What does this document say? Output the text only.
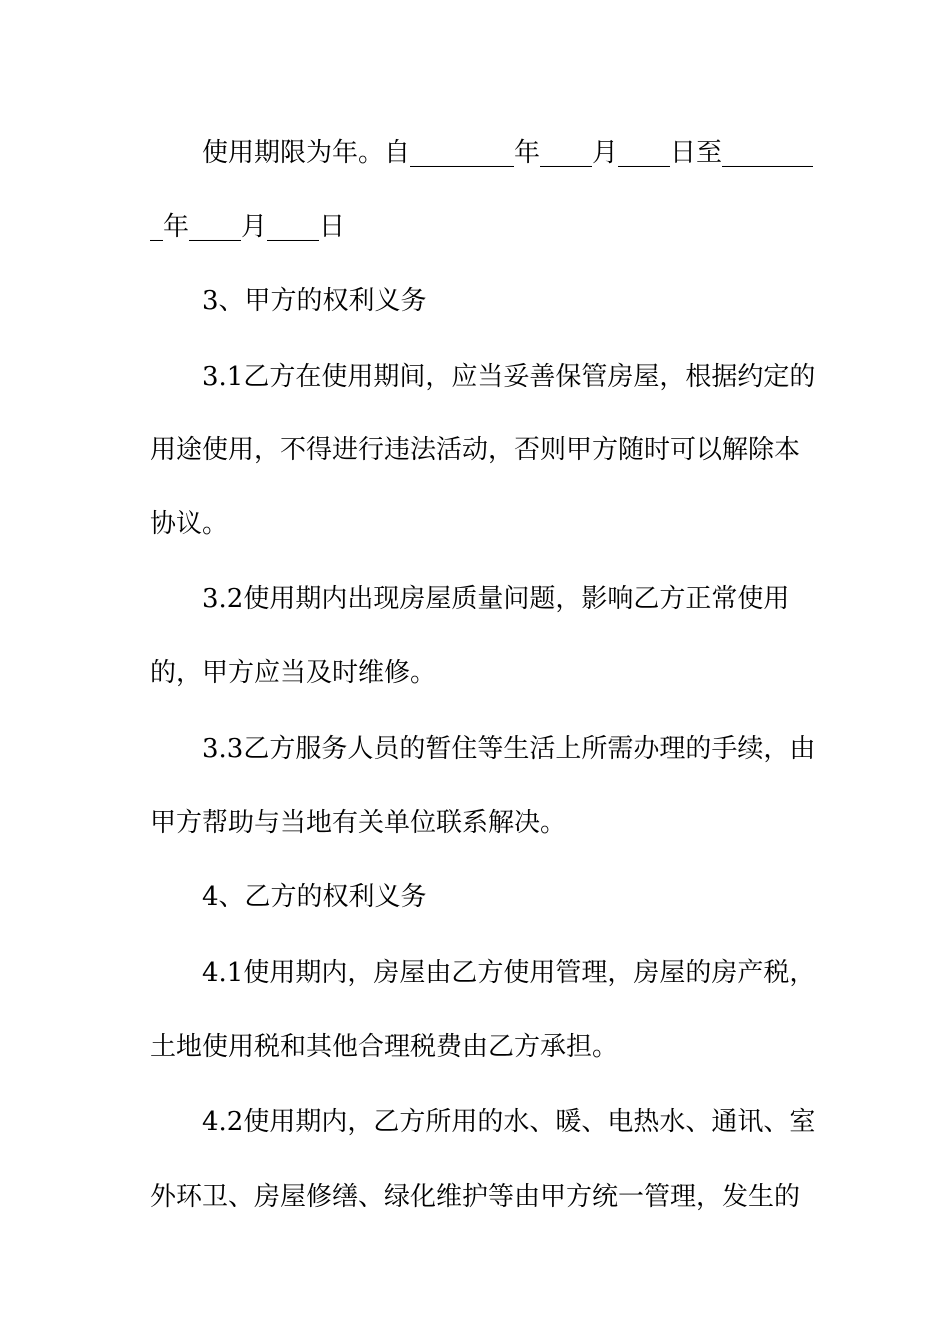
使用期限为年。自________年____月____日至_______

_年____月____日

3、甲方的权利义务

3.1乙方在使用期间，应当妥善保管房屋，根据约定的

用途使用，不得进行违法活动，否则甲方随时可以解除本

协议。

3.2使用期内出现房屋质量问题，影响乙方正常使用

的，甲方应当及时维修。

3.3乙方服务人员的暂住等生活上所需办理的手续，由

甲方帮助与当地有关单位联系解决。

4、乙方的权利义务

4.1使用期内，房屋由乙方使用管理，房屋的房产税，

土地使用税和其他合理税费由乙方承担。

4.2使用期内，乙方所用的水、暖、电热水、通讯、室

外环卫、房屋修缮、绿化维护等由甲方统一管理，发生的
